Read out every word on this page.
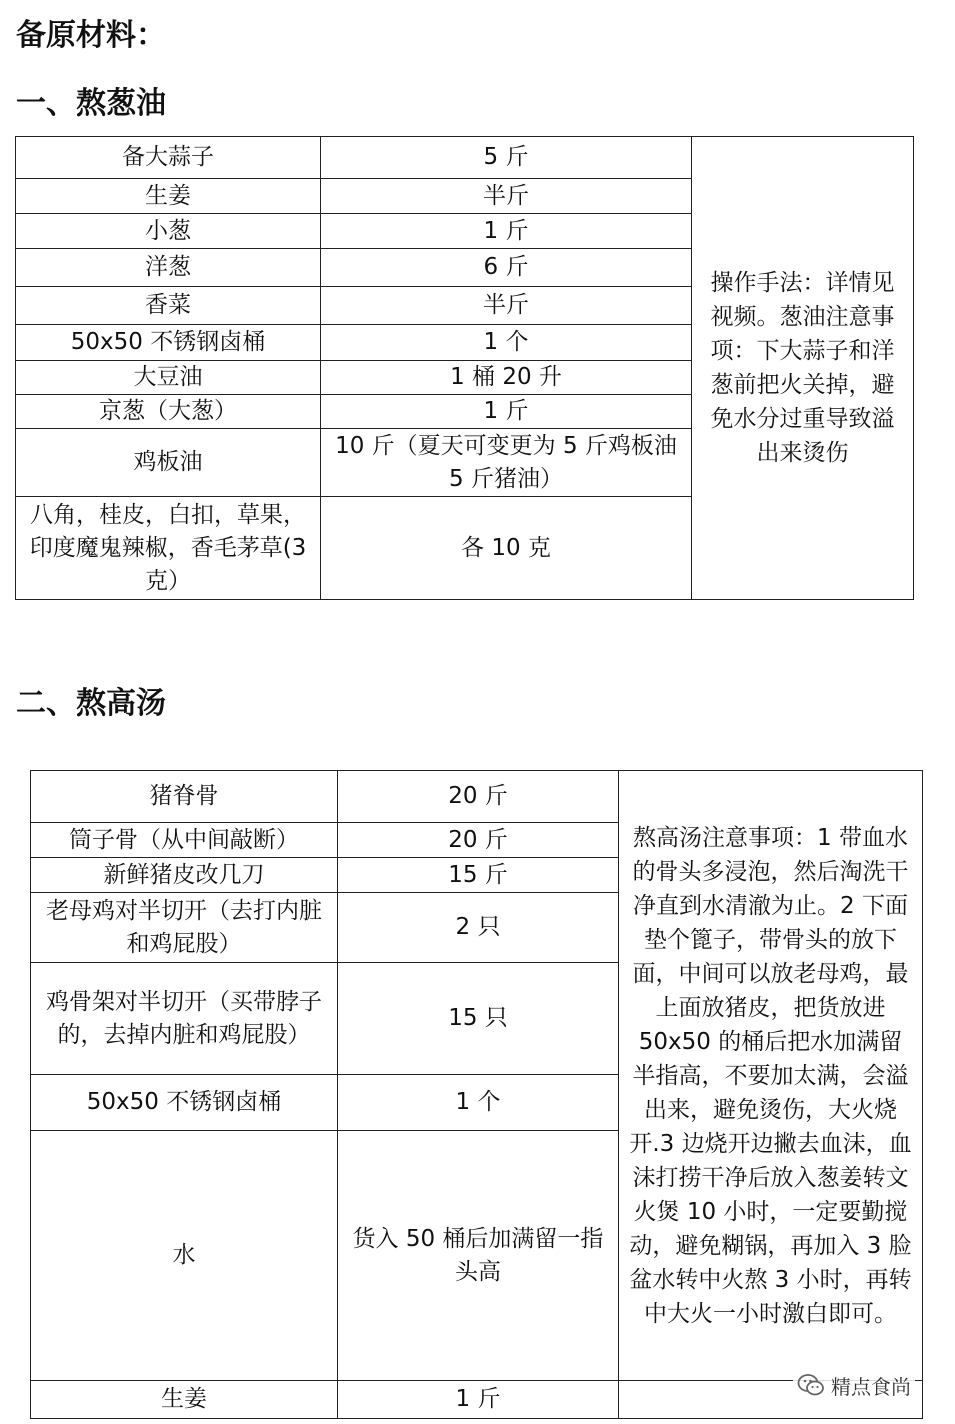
备原材料：
一、熬葱油
备大蒜子	5 斤	操作手法：详情见视频。葱油注意事项：下大蒜子和洋葱前把火关掉，避免水分过重导致溢出来烫伤
生姜	半斤	
小葱	1 斤	
洋葱	6 斤	
香菜	半斤	
50x50 不锈钢卤桶	1 个	
大豆油	1 桶 20 升	
京葱（大葱）	1 斤	
鸡板油	10 斤（夏天可变更为 5 斤鸡板油 5 斤猪油）	
八角，桂皮，白扣，草果，印度魔鬼辣椒，香毛茅草(3 克）	各 10 克	
二、熬高汤
猪脊骨	20 斤	熬高汤注意事项：1 带血水的骨头多浸泡，然后淘洗干净直到水清澈为止。2 下面垫个篦子，带骨头的放下面，中间可以放老母鸡，最上面放猪皮，把货放进 50x50 的桶后把水加满留半指高，不要加太满，会溢出来，避免烫伤，大火烧开.3 边烧开边撇去血沫，血沫打捞干净后放入葱姜转文火煲 10 小时，一定要勤搅动，避免糊锅，再加入 3 脸盆水转中火熬 3 小时，再转中大火一小时激白即可。
筒子骨（从中间敲断）	20 斤	
新鲜猪皮改几刀	15 斤	
老母鸡对半切开（去打内脏和鸡屁股）	2 只	
鸡骨架对半切开（买带脖子的，去掉内脏和鸡屁股）	15 只	
50x50 不锈钢卤桶	1 个	
水	货入 50 桶后加满留一指头高	
生姜	1 斤		精点食尚
